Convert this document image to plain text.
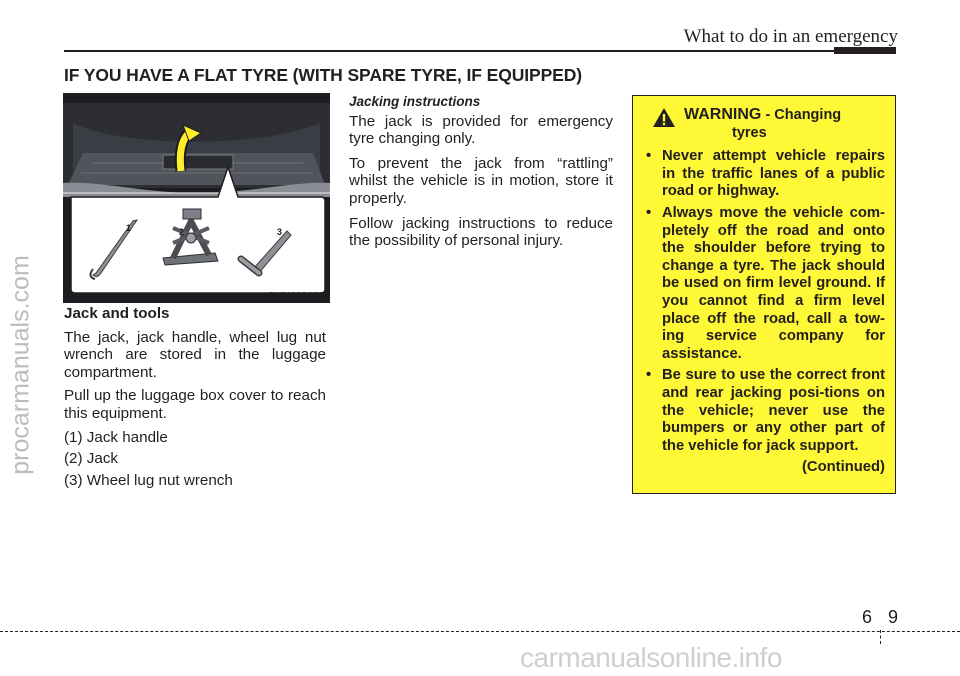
What to do in an emergency
IF YOU HAVE A FLAT TYRE (WITH SPARE TYRE, IF EQUIPPED)
procarmanuals.com
1	2	3
OYN069002
Jack and tools

The jack, jack handle, wheel lug nut wrench are stored in the luggage compartment.

Pull up the luggage box cover to reach this equipment.

(1) Jack handle
(2) Jack
(3) Wheel lug nut wrench
Jacking instructions

The jack is provided for emergency tyre changing only.

To prevent the jack from “rattling” whilst the vehicle is in motion, store it properly.

Follow jacking instructions to reduce the possibility of personal injury.

WARNING - Changing
tyres
• Never attempt vehicle repairs in the traffic lanes of a public road or highway.
• Always move the vehicle com-pletely off the road and onto the shoulder before trying to change a tyre. The jack should be used on firm level ground. If you cannot find a firm level place off the road, call a tow-ing service company for assistance.
• Be sure to use the correct front and rear jacking posi-tions on the vehicle; never use the bumpers or any other part of the vehicle for jack support.
(Continued)
6 9
carmanualsonline.info
